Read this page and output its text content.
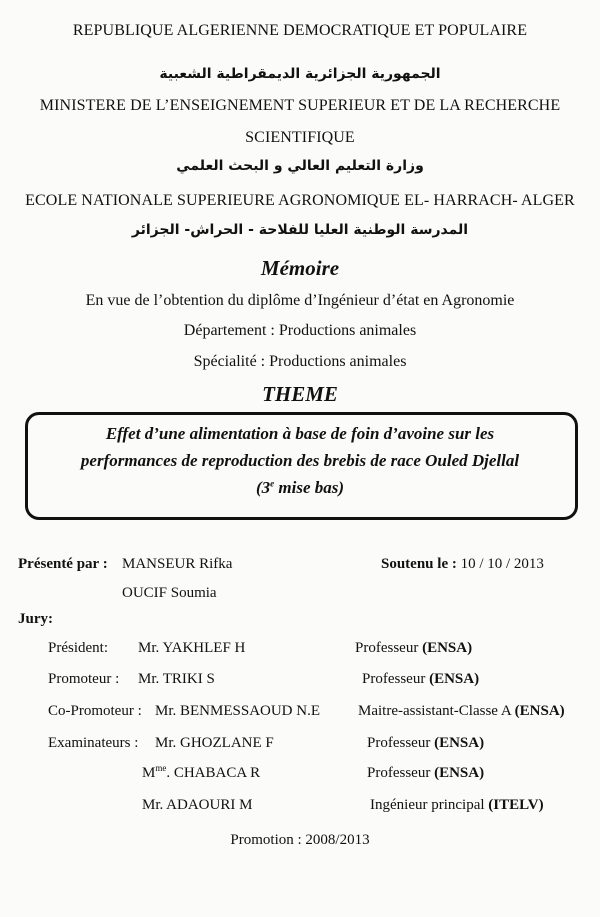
REPUBLIQUE ALGERIENNE DEMOCRATIQUE ET POPULAIRE
الجمهورية الجزائرية الديمقراطية الشعبية
MINISTERE DE L’ENSEIGNEMENT SUPERIEUR ET DE LA RECHERCHE
SCIENTIFIQUE
وزارة التعليم العالي و البحث العلمي
ECOLE NATIONALE SUPERIEURE AGRONOMIQUE EL- HARRACH- ALGER
المدرسة الوطنية العليا للفلاحة - الحراش- الجزائر
Mémoire
En vue de l’obtention du diplôme d’Ingénieur d’état en Agronomie
Département : Productions animales
Spécialité : Productions animales
THEME
Effet d’une alimentation à base de foin d’avoine sur les
performances de reproduction des brebis de race Ouled Djellal
(3e mise bas)
Présenté par : MANSEUR Rifka
OUCIF Soumia
Soutenu le : 10 / 10 / 2013
Jury:
Président: Mr. YAKHLEF H	Professeur (ENSA)
Promoteur : Mr. TRIKI S	Professeur (ENSA)
Co-Promoteur : Mr. BENMESSAOUD N.E	Maitre-assistant-Classe A (ENSA)
Examinateurs : Mr. GHOZLANE F	Professeur (ENSA)
$M^{me}$. CHABACA R	Professeur (ENSA)
Mr. ADAOURI M	Ingénieur principal (ITELV)
Promotion : 2008/2013
